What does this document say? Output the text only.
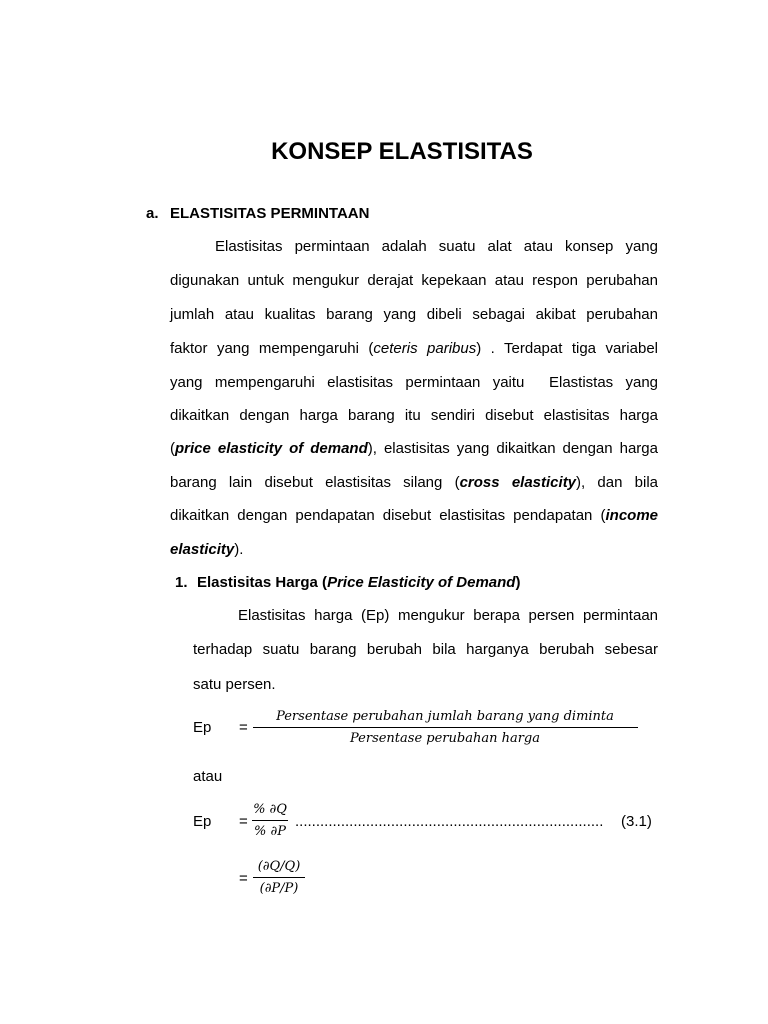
KONSEP ELASTISITAS
a. ELASTISITAS PERMINTAAN
Elastisitas permintaan adalah suatu alat atau konsep yang
digunakan untuk mengukur derajat kepekaan atau respon perubahan
jumlah atau kualitas barang yang dibeli sebagai akibat perubahan
faktor yang mempengaruhi (ceteris paribus) . Terdapat tiga variabel
yang mempengaruhi elastisitas permintaan yaitu  Elastistas yang
dikaitkan dengan harga barang itu sendiri disebut elastisitas harga
(price elasticity of demand), elastisitas yang dikaitkan dengan harga
barang lain disebut elastisitas silang (cross elasticity), dan bila
dikaitkan dengan pendapatan disebut elastisitas pendapatan (income
elasticity).
1. Elastisitas Harga (Price Elasticity of Demand)
Elastisitas harga (Ep) mengukur berapa persen permintaan
terhadap suatu barang berubah bila harganya berubah sebesar
satu persen.
Ep =
Persentase perubahan jumlah barang yang diminta
Persentase perubahan harga
atau
Ep =
% ∂Q
% ∂P
..........................................................................	(3.1)
=
(∂Q/Q)
(∂P/P)
